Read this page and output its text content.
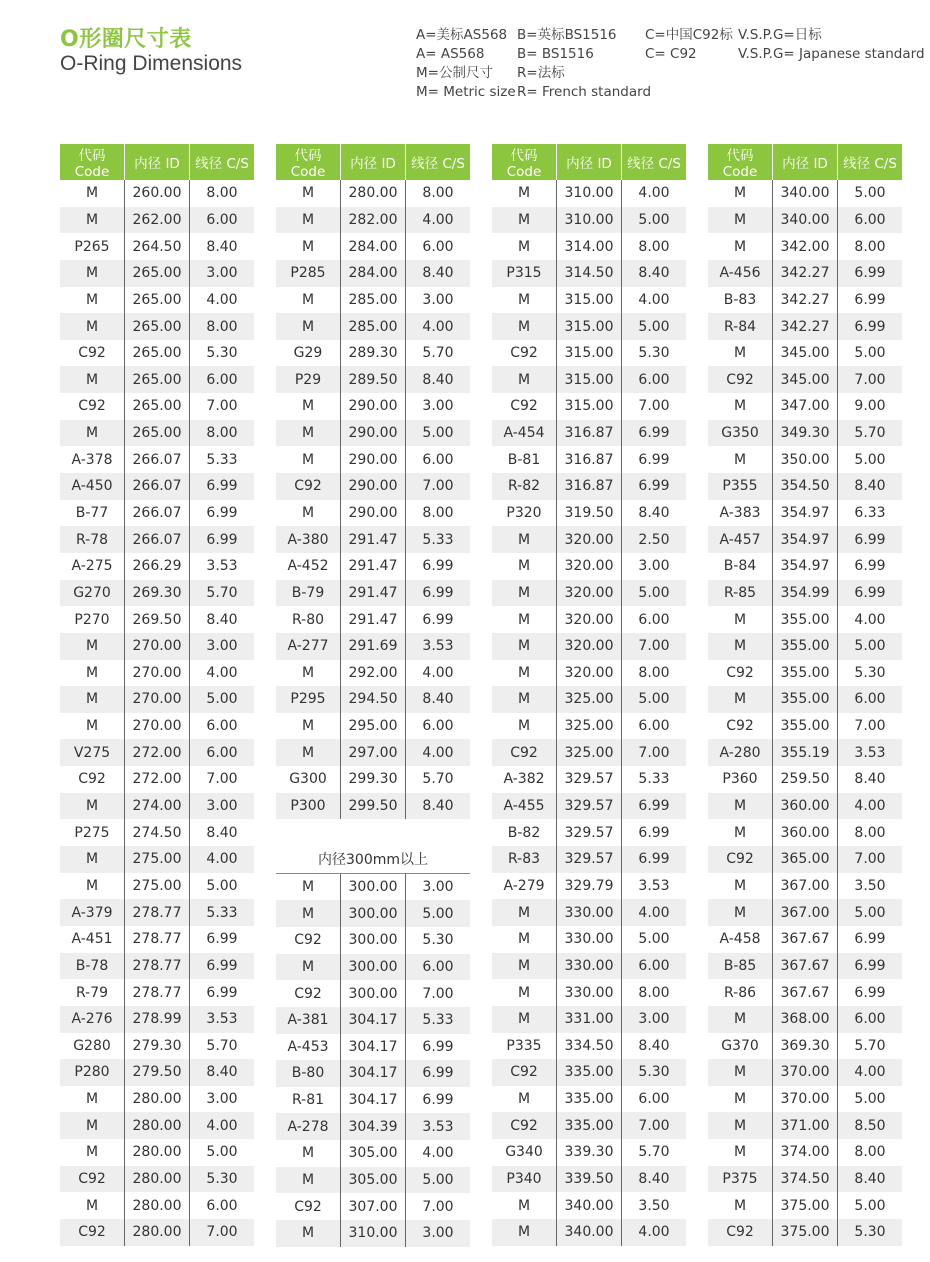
O形圈尺寸表
O-Ring Dimensions
A=美标AS568
A= AS568
M=公制尺寸
M= Metric size
B=英标BS1516
B= BS1516
R=法标
R= French standard
C=中国C92标
C= C92
V.S.P.G=日标
V.S.P.G= Japanese standard
代码 Code	内径 ID	线径 C/S
M	260.00	8.00
M	262.00	6.00
P265	264.50	8.40
M	265.00	3.00
M	265.00	4.00
M	265.00	8.00
C92	265.00	5.30
M	265.00	6.00
C92	265.00	7.00
M	265.00	8.00
A-378	266.07	5.33
A-450	266.07	6.99
B-77	266.07	6.99
R-78	266.07	6.99
A-275	266.29	3.53
G270	269.30	5.70
P270	269.50	8.40
M	270.00	3.00
M	270.00	4.00
M	270.00	5.00
M	270.00	6.00
V275	272.00	6.00
C92	272.00	7.00
M	274.00	3.00
P275	274.50	8.40
M	275.00	4.00
M	275.00	5.00
A-379	278.77	5.33
A-451	278.77	6.99
B-78	278.77	6.99
R-79	278.77	6.99
A-276	278.99	3.53
G280	279.30	5.70
P280	279.50	8.40
M	280.00	3.00
M	280.00	4.00
M	280.00	5.00
C92	280.00	5.30
M	280.00	6.00
C92	280.00	7.00
代码 Code	内径 ID	线径 C/S
M	280.00	8.00
M	282.00	4.00
M	284.00	6.00
P285	284.00	8.40
M	285.00	3.00
M	285.00	4.00
G29	289.30	5.70
P29	289.50	8.40
M	290.00	3.00
M	290.00	5.00
M	290.00	6.00
C92	290.00	7.00
M	290.00	8.00
A-380	291.47	5.33
A-452	291.47	6.99
B-79	291.47	6.99
R-80	291.47	6.99
A-277	291.69	3.53
M	292.00	4.00
P295	294.50	8.40
M	295.00	6.00
M	297.00	4.00
G300	299.30	5.70
P300	299.50	8.40

内径300mm以上		
M	300.00	3.00
M	300.00	5.00
C92	300.00	5.30
M	300.00	6.00
C92	300.00	7.00
A-381	304.17	5.33
A-453	304.17	6.99
B-80	304.17	6.99
R-81	304.17	6.99
A-278	304.39	3.53
M	305.00	4.00
M	305.00	5.00
C92	307.00	7.00
M	310.00	3.00
代码 Code	内径 ID	线径 C/S
M	310.00	4.00
M	310.00	5.00
M	314.00	8.00
P315	314.50	8.40
M	315.00	4.00
M	315.00	5.00
C92	315.00	5.30
M	315.00	6.00
C92	315.00	7.00
A-454	316.87	6.99
B-81	316.87	6.99
R-82	316.87	6.99
P320	319.50	8.40
M	320.00	2.50
M	320.00	3.00
M	320.00	5.00
M	320.00	6.00
M	320.00	7.00
M	320.00	8.00
M	325.00	5.00
M	325.00	6.00
C92	325.00	7.00
A-382	329.57	5.33
A-455	329.57	6.99
B-82	329.57	6.99
R-83	329.57	6.99
A-279	329.79	3.53
M	330.00	4.00
M	330.00	5.00
M	330.00	6.00
M	330.00	8.00
M	331.00	3.00
P335	334.50	8.40
C92	335.00	5.30
M	335.00	6.00
C92	335.00	7.00
G340	339.30	5.70
P340	339.50	8.40
M	340.00	3.50
M	340.00	4.00
代码 Code	内径 ID	线径 C/S
M	340.00	5.00
M	340.00	6.00
M	342.00	8.00
A-456	342.27	6.99
B-83	342.27	6.99
R-84	342.27	6.99
M	345.00	5.00
C92	345.00	7.00
M	347.00	9.00
G350	349.30	5.70
M	350.00	5.00
P355	354.50	8.40
A-383	354.97	6.33
A-457	354.97	6.99
B-84	354.97	6.99
R-85	354.99	6.99
M	355.00	4.00
M	355.00	5.00
C92	355.00	5.30
M	355.00	6.00
C92	355.00	7.00
A-280	355.19	3.53
P360	259.50	8.40
M	360.00	4.00
M	360.00	8.00
C92	365.00	7.00
M	367.00	3.50
M	367.00	5.00
A-458	367.67	6.99
B-85	367.67	6.99
R-86	367.67	6.99
M	368.00	6.00
G370	369.30	5.70
M	370.00	4.00
M	370.00	5.00
M	371.00	8.50
M	374.00	8.00
P375	374.50	8.40
M	375.00	5.00
C92	375.00	5.30
